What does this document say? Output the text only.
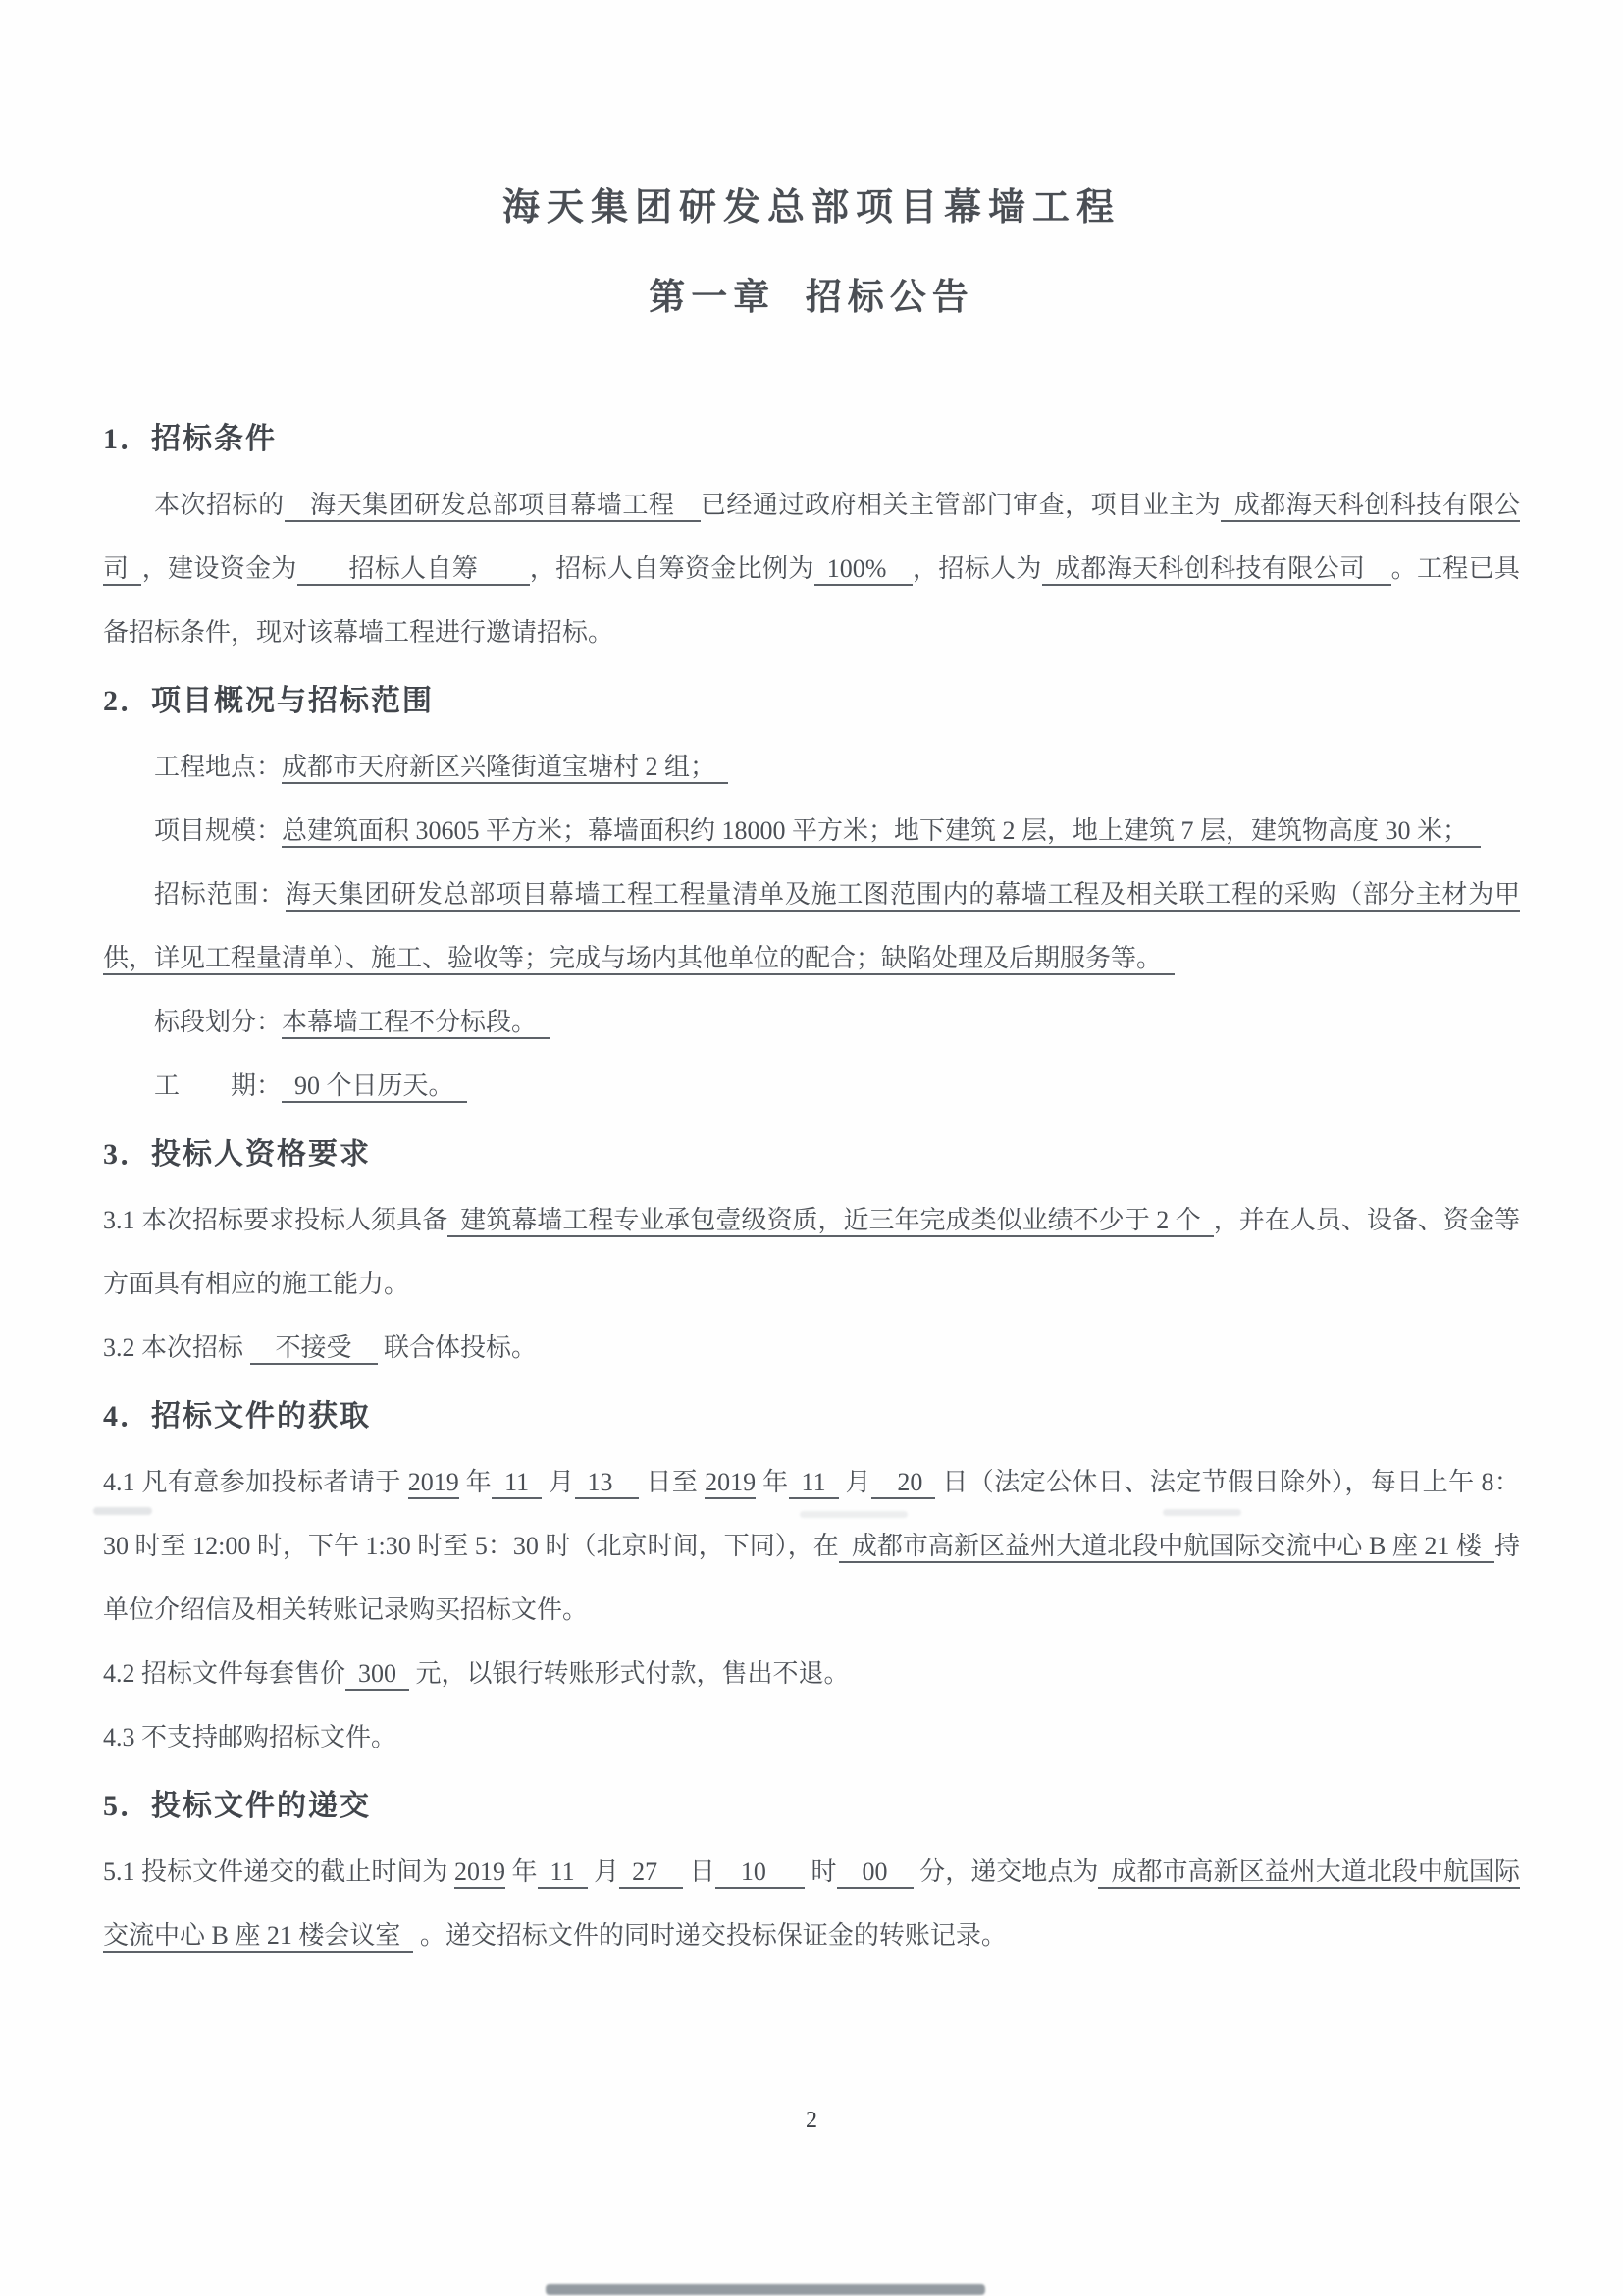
海天集团研发总部项目幕墙工程
第一章  招标公告
1．招标条件

本次招标的　海天集团研发总部项目幕墙工程　已经通过政府相关主管部门审查，项目业主为 成都海天科创科技有限公司 ，建设资金为　　招标人自筹　　，招标人自筹资金比例为 100%　，招标人为 成都海天科创科技有限公司　。工程已具备招标条件，现对该幕墙工程进行邀请招标。

2．项目概况与招标范围

工程地点：成都市天府新区兴隆街道宝塘村 2 组；　

项目规模：总建筑面积 30605 平方米；幕墙面积约 18000 平方米；地下建筑 2 层，地上建筑 7 层，建筑物高度 30 米；　

招标范围：海天集团研发总部项目幕墙工程工程量清单及施工图范围内的幕墙工程及相关联工程的采购（部分主材为甲供，详见工程量清单）、施工、验收等；完成与场内其他单位的配合；缺陷处理及后期服务等。　

标段划分：本幕墙工程不分标段。　

工　　期： 90 个日历天。　

3．投标人资格要求

3.1 本次招标要求投标人须具备 建筑幕墙工程专业承包壹级资质，近三年完成类似业绩不少于 2 个 ，并在人员、设备、资金等方面具有相应的施工能力。

3.2 本次招标 　不接受　 联合体投标。

4．招标文件的获取

4.1 凡有意参加投标者请于 2019 年 11  月 13　 日至 2019 年 11  月　20  日（法定公休日、法定节假日除外），每日上午 8：30 时至 12:00 时，下午 1:30 时至 5：30 时（北京时间，下同），在 成都市高新区益州大道北段中航国际交流中心 B 座 21 楼 持单位介绍信及相关转账记录购买招标文件。

4.2 招标文件每套售价 300  元，以银行转账形式付款，售出不退。

4.3 不支持邮购招标文件。

5．投标文件的递交

5.1 投标文件递交的截止时间为 2019 年 11  月 27　 日　10　  时　00　 分，递交地点为 成都市高新区益州大道北段中航国际交流中心 B 座 21 楼会议室  。递交招标文件的同时递交投标保证金的转账记录。

2
